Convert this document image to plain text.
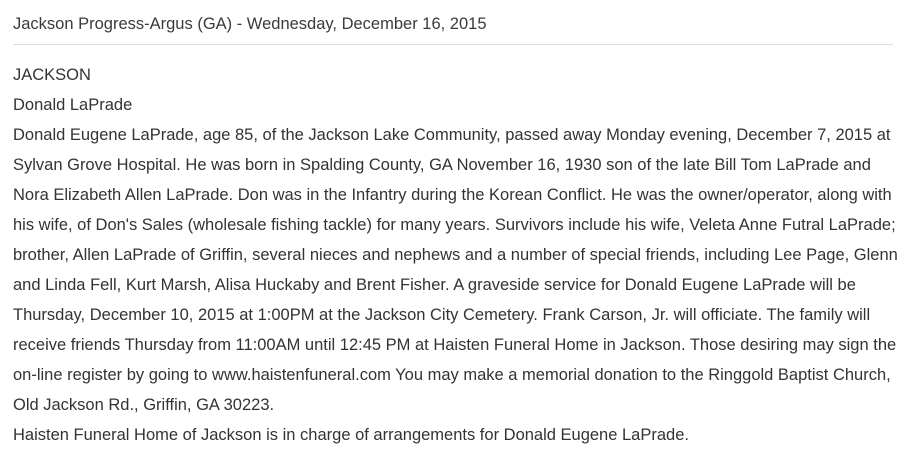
Jackson Progress-Argus (GA) - Wednesday, December 16, 2015
JACKSON
Donald LaPrade
Donald Eugene LaPrade, age 85, of the Jackson Lake Community, passed away Monday evening, December 7, 2015 at
Sylvan Grove Hospital. He was born in Spalding County, GA November 16, 1930 son of the late Bill Tom LaPrade and
Nora Elizabeth Allen LaPrade. Don was in the Infantry during the Korean Conflict. He was the owner/operator, along with
his wife, of Don's Sales (wholesale fishing tackle) for many years. Survivors include his wife, Veleta Anne Futral LaPrade;
brother, Allen LaPrade of Griffin, several nieces and nephews and a number of special friends, including Lee Page, Glenn
and Linda Fell, Kurt Marsh, Alisa Huckaby and Brent Fisher. A graveside service for Donald Eugene LaPrade will be
Thursday, December 10, 2015 at 1:00PM at the Jackson City Cemetery. Frank Carson, Jr. will officiate. The family will
receive friends Thursday from 11:00AM until 12:45 PM at Haisten Funeral Home in Jackson. Those desiring may sign the
on-line register by going to www.haistenfuneral.com You may make a memorial donation to the Ringgold Baptist Church,
Old Jackson Rd., Griffin, GA 30223.
Haisten Funeral Home of Jackson is in charge of arrangements for Donald Eugene LaPrade.
